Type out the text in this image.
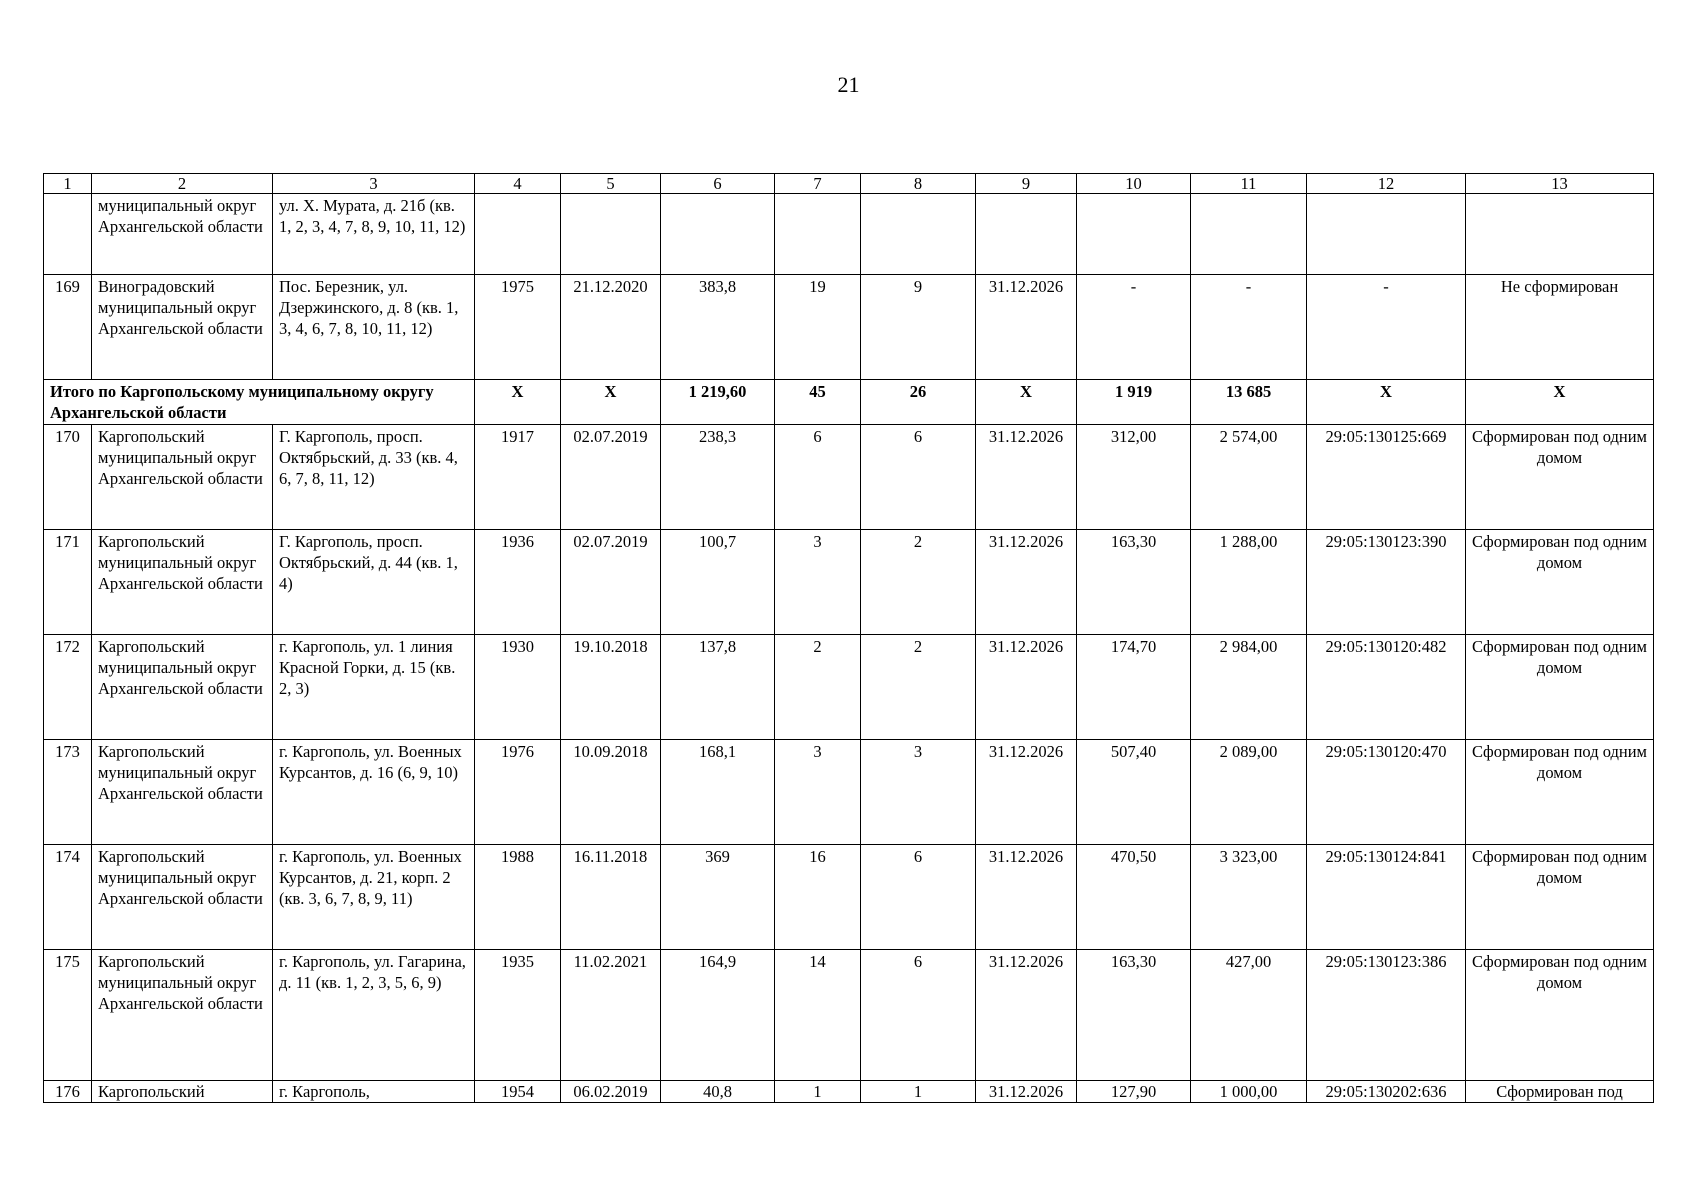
21
1	2	3	4	5	6	7	8	9	10	11	12	13
	муниципальный округ Архангельской области	ул. Х. Мурата, д. 21б (кв. 1, 2, 3, 4, 7, 8, 9, 10, 11, 12)										
169	Виноградовский муниципальный округ Архангельской области	Пос. Березник, ул. Дзержинского, д. 8 (кв. 1, 3, 4, 6, 7, 8, 10, 11, 12)	1975	21.12.2020	383,8	19	9	31.12.2026	-	-	-	Не сформирован
Итого по Каргопольскому муниципальному округу Архангельской области			Х	Х	1 219,60	45	26	Х	1 919	13 685	Х	Х
170	Каргопольский муниципальный округ Архангельской области	Г. Каргополь, просп. Октябрьский, д. 33 (кв. 4, 6, 7, 8, 11, 12)	1917	02.07.2019	238,3	6	6	31.12.2026	312,00	2 574,00	29:05:130125:669	Сформирован под одним домом
171	Каргопольский муниципальный округ Архангельской области	Г. Каргополь, просп. Октябрьский, д. 44 (кв. 1, 4)	1936	02.07.2019	100,7	3	2	31.12.2026	163,30	1 288,00	29:05:130123:390	Сформирован под одним домом
172	Каргопольский муниципальный округ Архангельской области	г. Каргополь, ул. 1 линия Красной Горки, д. 15 (кв. 2, 3)	1930	19.10.2018	137,8	2	2	31.12.2026	174,70	2 984,00	29:05:130120:482	Сформирован под одним домом
173	Каргопольский муниципальный округ Архангельской области	г. Каргополь, ул. Военных Курсантов, д. 16 (6, 9, 10)	1976	10.09.2018	168,1	3	3	31.12.2026	507,40	2 089,00	29:05:130120:470	Сформирован под одним домом
174	Каргопольский муниципальный округ Архангельской области	г. Каргополь, ул. Военных Курсантов, д. 21, корп. 2 (кв. 3, 6, 7, 8, 9, 11)	1988	16.11.2018	369	16	6	31.12.2026	470,50	3 323,00	29:05:130124:841	Сформирован под одним домом
175	Каргопольский муниципальный округ Архангельской области	г. Каргополь, ул. Гагарина, д. 11 (кв. 1, 2, 3, 5, 6, 9)	1935	11.02.2021	164,9	14	6	31.12.2026	163,30	427,00	29:05:130123:386	Сформирован под одним домом
176	Каргопольский	г. Каргополь,	1954	06.02.2019	40,8	1	1	31.12.2026	127,90	1 000,00	29:05:130202:636	Сформирован под
